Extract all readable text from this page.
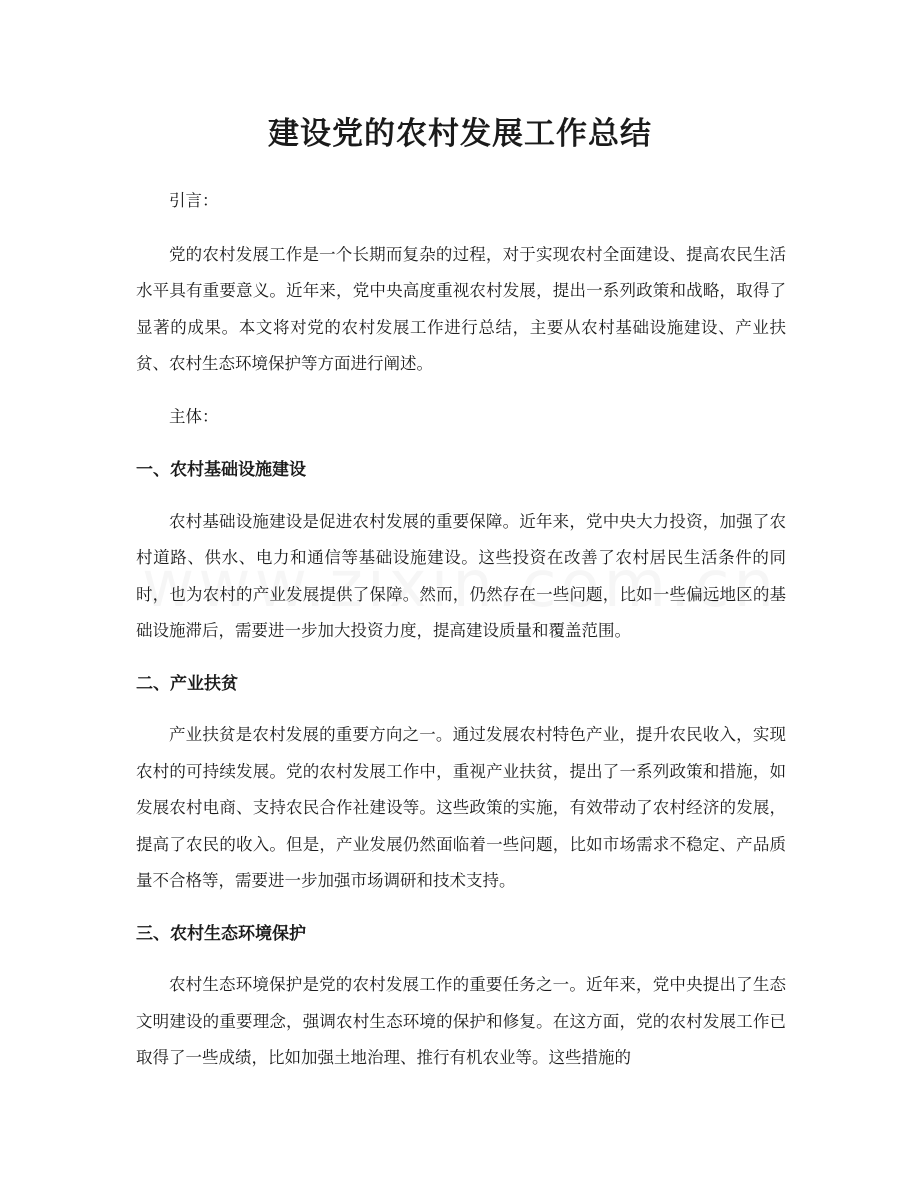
建设党的农村发展工作总结

引言：

党的农村发展工作是一个长期而复杂的过程，对于实现农村全面建设、提高农民生活水平具有重要意义。近年来，党中央高度重视农村发展，提出一系列政策和战略，取得了显著的成果。本文将对党的农村发展工作进行总结，主要从农村基础设施建设、产业扶贫、农村生态环境保护等方面进行阐述。

主体：

一、农村基础设施建设

农村基础设施建设是促进农村发展的重要保障。近年来，党中央大力投资，加强了农村道路、供水、电力和通信等基础设施建设。这些投资在改善了农村居民生活条件的同时，也为农村的产业发展提供了保障。然而，仍然存在一些问题，比如一些偏远地区的基础设施滞后，需要进一步加大投资力度，提高建设质量和覆盖范围。

二、产业扶贫

产业扶贫是农村发展的重要方向之一。通过发展农村特色产业，提升农民收入，实现农村的可持续发展。党的农村发展工作中，重视产业扶贫，提出了一系列政策和措施，如发展农村电商、支持农民合作社建设等。这些政策的实施，有效带动了农村经济的发展，提高了农民的收入。但是，产业发展仍然面临着一些问题，比如市场需求不稳定、产品质量不合格等，需要进一步加强市场调研和技术支持。

三、农村生态环境保护

农村生态环境保护是党的农村发展工作的重要任务之一。近年来，党中央提出了生态文明建设的重要理念，强调农村生态环境的保护和修复。在这方面，党的农村发展工作已取得了一些成绩，比如加强土地治理、推行有机农业等。这些措施的
